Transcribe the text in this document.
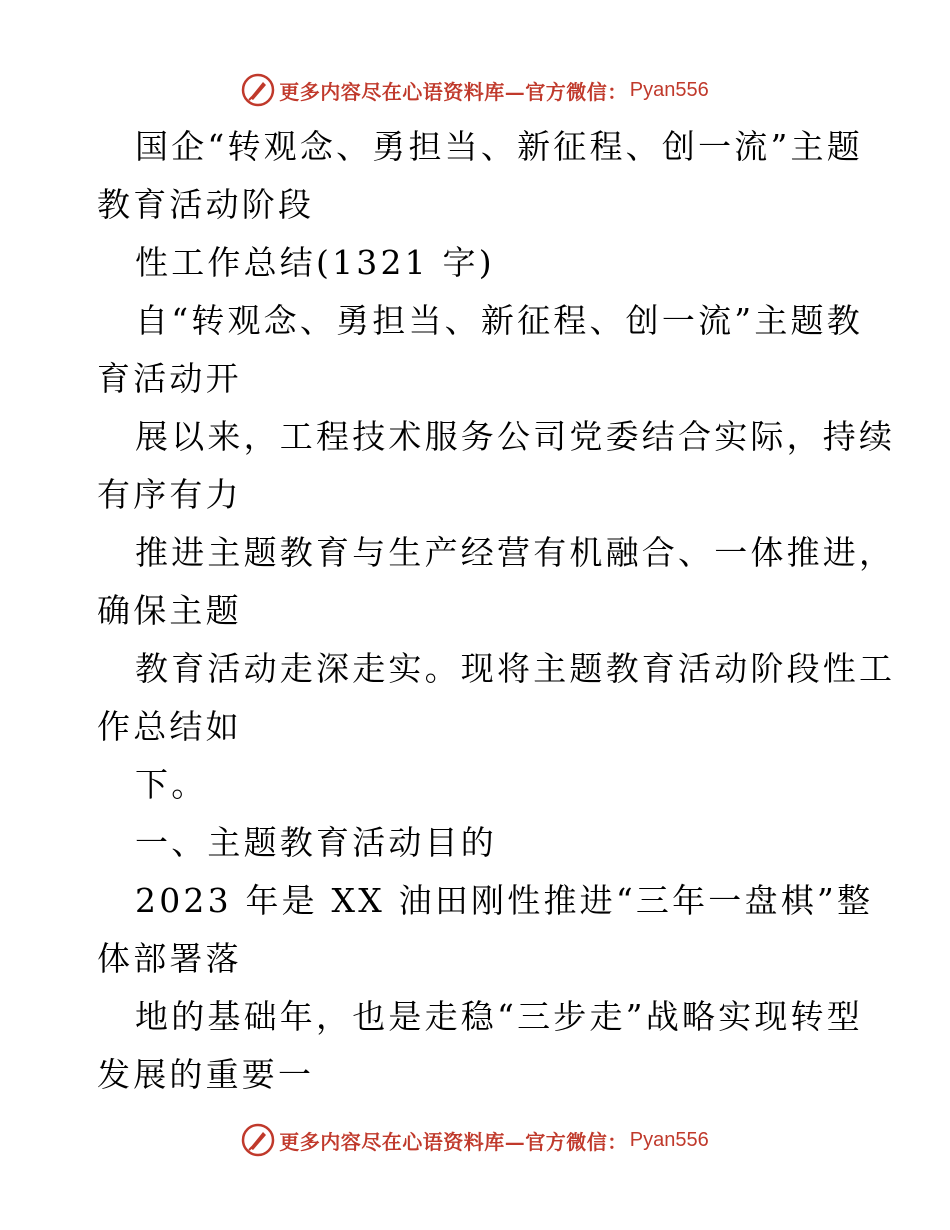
更多内容尽在心语资料库—官方微信： Pyan556
国企“转观念、勇担当、新征程、创一流”主题
教育活动阶段
性工作总结(1321 字)
自“转观念、勇担当、新征程、创一流”主题教
育活动开
展以来，工程技术服务公司党委结合实际，持续
有序有力
推进主题教育与生产经营有机融合、一体推进，
确保主题
教育活动走深走实。现将主题教育活动阶段性工
作总结如
下。
一、主题教育活动目的
2023 年是 XX 油田刚性推进“三年一盘棋”整
体部署落
地的基础年，也是走稳“三步走”战略实现转型
发展的重要一
更多内容尽在心语资料库—官方微信： Pyan556
